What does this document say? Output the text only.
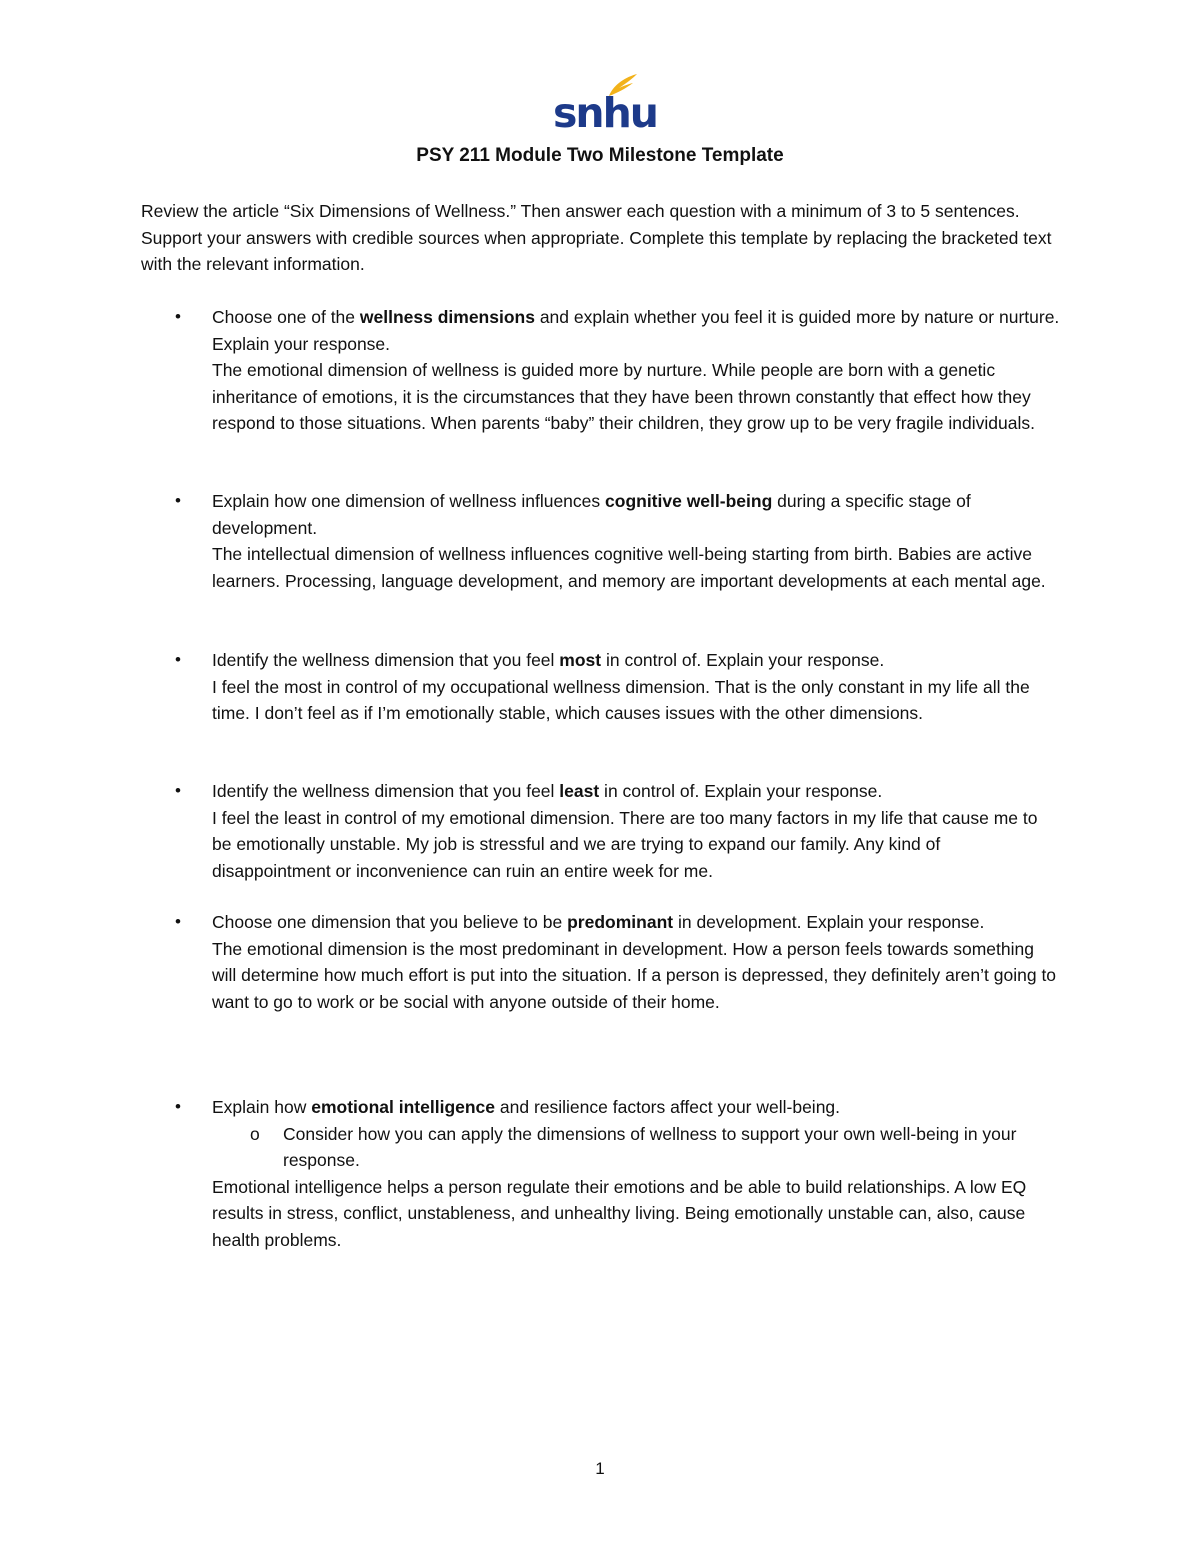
snhu
PSY 211 Module Two Milestone Template
Review the article “Six Dimensions of Wellness.” Then answer each question with a minimum of 3 to 5 sentences. Support your answers with credible sources when appropriate. Complete this template by replacing the bracketed text with the relevant information.
• Choose one of the wellness dimensions and explain whether you feel it is guided more by nature or nurture. Explain your response.
The emotional dimension of wellness is guided more by nurture. While people are born with a genetic inheritance of emotions, it is the circumstances that they have been thrown constantly that effect how they respond to those situations. When parents “baby” their children, they grow up to be very fragile individuals.
• Explain how one dimension of wellness influences cognitive well-being during a specific stage of development.
The intellectual dimension of wellness influences cognitive well-being starting from birth. Babies are active learners. Processing, language development, and memory are important developments at each mental age.
• Identify the wellness dimension that you feel most in control of. Explain your response.
I feel the most in control of my occupational wellness dimension. That is the only constant in my life all the time. I don’t feel as if I’m emotionally stable, which causes issues with the other dimensions.
• Identify the wellness dimension that you feel least in control of. Explain your response.
I feel the least in control of my emotional dimension. There are too many factors in my life that cause me to be emotionally unstable. My job is stressful and we are trying to expand our family. Any kind of disappointment or inconvenience can ruin an entire week for me.
• Choose one dimension that you believe to be predominant in development. Explain your response.
The emotional dimension is the most predominant in development. How a person feels towards something will determine how much effort is put into the situation. If a person is depressed, they definitely aren’t going to want to go to work or be social with anyone outside of their home.
• Explain how emotional intelligence and resilience factors affect your well-being.
o Consider how you can apply the dimensions of wellness to support your own well-being in your response.
Emotional intelligence helps a person regulate their emotions and be able to build relationships. A low EQ results in stress, conflict, unstableness, and unhealthy living. Being emotionally unstable can, also, cause health problems.
1
